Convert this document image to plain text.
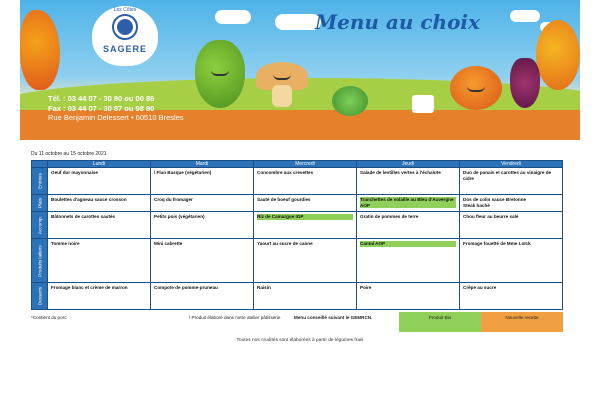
Les Côtes
SAGERE
Menu au choix
Tél. : 03 44 07 - 30 80 ou 00 86
Fax : 03 44 07 - 30 87 ou 98 80
Rue Benjamin Delessert • 60510 Bresles
Du 11 octobre au 15 octobre 2021
	Lundi	Mardi	Mercredi	Jeudi	Vendredi

Entrées	Oeuf dur mayonnaise	\ Flan Basque (végétarien)	Concombre aux crevettes	Salade de lentilles vertes à l'échalote	Duo de panais et carottes au vinaigre de cidre

Plats	Boulettes d'agneau sauce crosson	Croq du fromager	Sauté de boeuf gourdies	Tranchettes de volaille au Bleu d'Auvergne AOP	Dos de colin sauce Bretonne
Steak haché

Accomp.	Bâtonnets de carottes sautés	Petits pois (végétarien)	Riz de Camargue IGP	Gratin de pommes de terre	Chou fleur au beurre salé

Produits laitiers	Tomme noire	Mini cabrette	Yaourt au sucre de canne	Cantal AOP	Fromage fouetté de Mme Loïck

Desserts	Fromage blanc et crème de marron	Compote de pomme-pruneau	Raisin	Poire	Crêpe au sucre
*Contient du porc	\ Produit élaboré dans notre atelier pâtisserie	Menu conseillé suivant le GEMRCN.	Produit Bio	Nouvelle recette
Toutes nos crudités sont élaborées à partir de légumes frais
